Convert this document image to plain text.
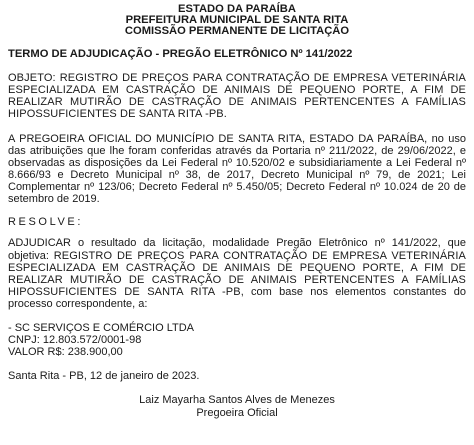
ESTADO DA PARAÍBA
PREFEITURA MUNICIPAL DE SANTA RITA
COMISSÃO PERMANENTE DE LICITAÇÃO
TERMO DE ADJUDICAÇÃO - PREGÃO ELETRÔNICO Nº 141/2022
OBJETO: REGISTRO DE PREÇOS PARA CONTRATAÇÃO DE EMPRESA VETERINÁRIA ESPECIALIZADA EM CASTRAÇÃO DE ANIMAIS DE PEQUENO PORTE, A FIM DE REALIZAR MUTIRÃO DE CASTRAÇÃO DE ANIMAIS PERTENCENTES A FAMÍLIAS HIPOSSUFICIENTES DE SANTA RITA -PB.
A PREGOEIRA OFICIAL DO MUNICÍPIO DE SANTA RITA, ESTADO DA PARAÍBA, no uso das atribuições que lhe foram conferidas através da Portaria nº 211/2022, de 29/06/2022, e observadas as disposições da Lei Federal nº 10.520/02 e subsidiariamente a Lei Federal nº 8.666/93 e Decreto Municipal nº 38, de 2017, Decreto Municipal nº 79, de 2021; Lei Complementar nº 123/06; Decreto Federal nº 5.450/05; Decreto Federal nº 10.024 de 20 de setembro de 2019.
RESOLVE:
ADJUDICAR o resultado da licitação, modalidade Pregão Eletrônico nº 141/2022, que objetiva: REGISTRO DE PREÇOS PARA CONTRATAÇÃO DE EMPRESA VETERINÁRIA ESPECIALIZADA EM CASTRAÇÃO DE ANIMAIS DE PEQUENO PORTE, A FIM DE REALIZAR MUTIRÃO DE CASTRAÇÃO DE ANIMAIS PERTENCENTES A FAMÍLIAS HIPOSSUFICIENTES DE SANTA RITA -PB, com base nos elementos constantes do processo correspondente, a:
- SC SERVIÇOS E COMÉRCIO LTDA
CNPJ: 12.803.572/0001-98
VALOR R$: 238.900,00
Santa Rita - PB, 12 de janeiro de 2023.
Laiz Mayarha Santos Alves de Menezes
Pregoeira Oficial
